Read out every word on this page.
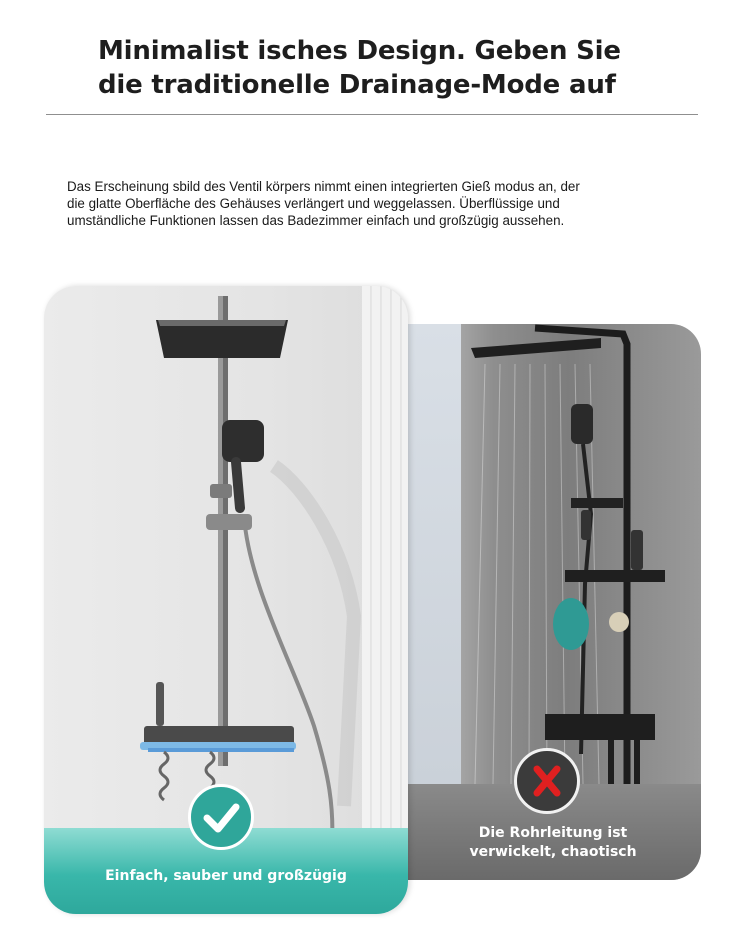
Minimalist isches Design. Geben Sie
die traditionelle Drainage-Mode auf
Das Erscheinung sbild des Ventil körpers nimmt einen integrierten Gieß modus an, der
die glatte Oberfläche des Gehäuses verlängert und weggelassen. Überflüssige und
umständliche Funktionen lassen das Badezimmer einfach und großzügig aussehen.
Die Rohrleitung ist
verwickelt, chaotisch
Einfach, sauber und großzügig
